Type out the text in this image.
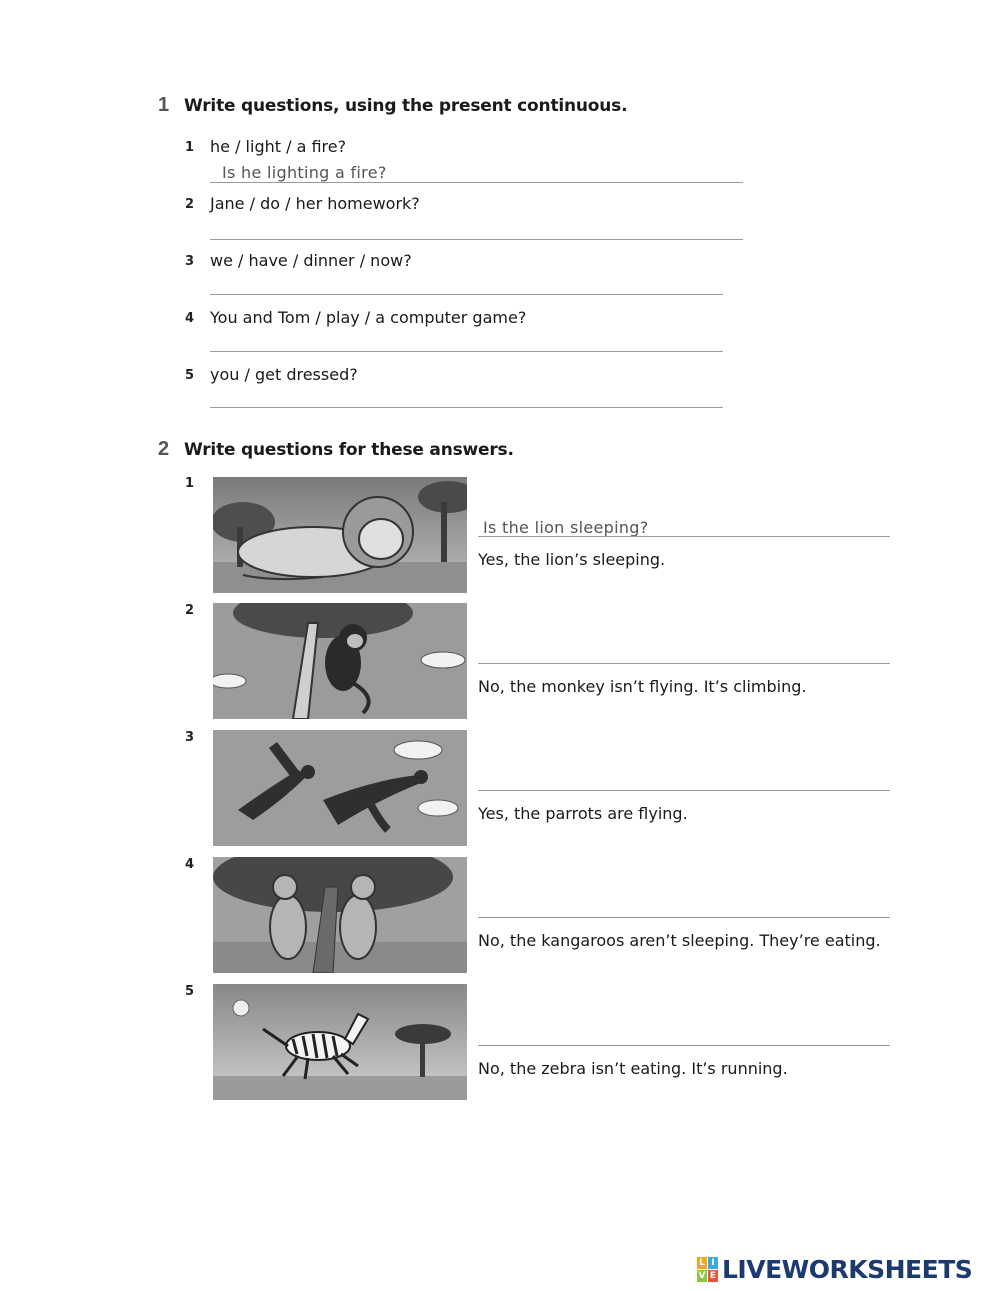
1 Write questions, using the present continuous.
1 he / light / a fire?
Is he lighting a fire?
2 Jane / do / her homework?
3 we / have / dinner / now?
4 You and Tom / play / a computer game?
5 you / get dressed?
2 Write questions for these answers.
1
Is the lion sleeping?
Yes, the lion’s sleeping.
2
No, the monkey isn’t flying. It’s climbing.
3
Yes, the parrots are flying.
4
No, the kangaroos aren’t sleeping. They’re eating.
5
No, the zebra isn’t eating. It’s running.
L I
V E LIVEWORKSHEETS
